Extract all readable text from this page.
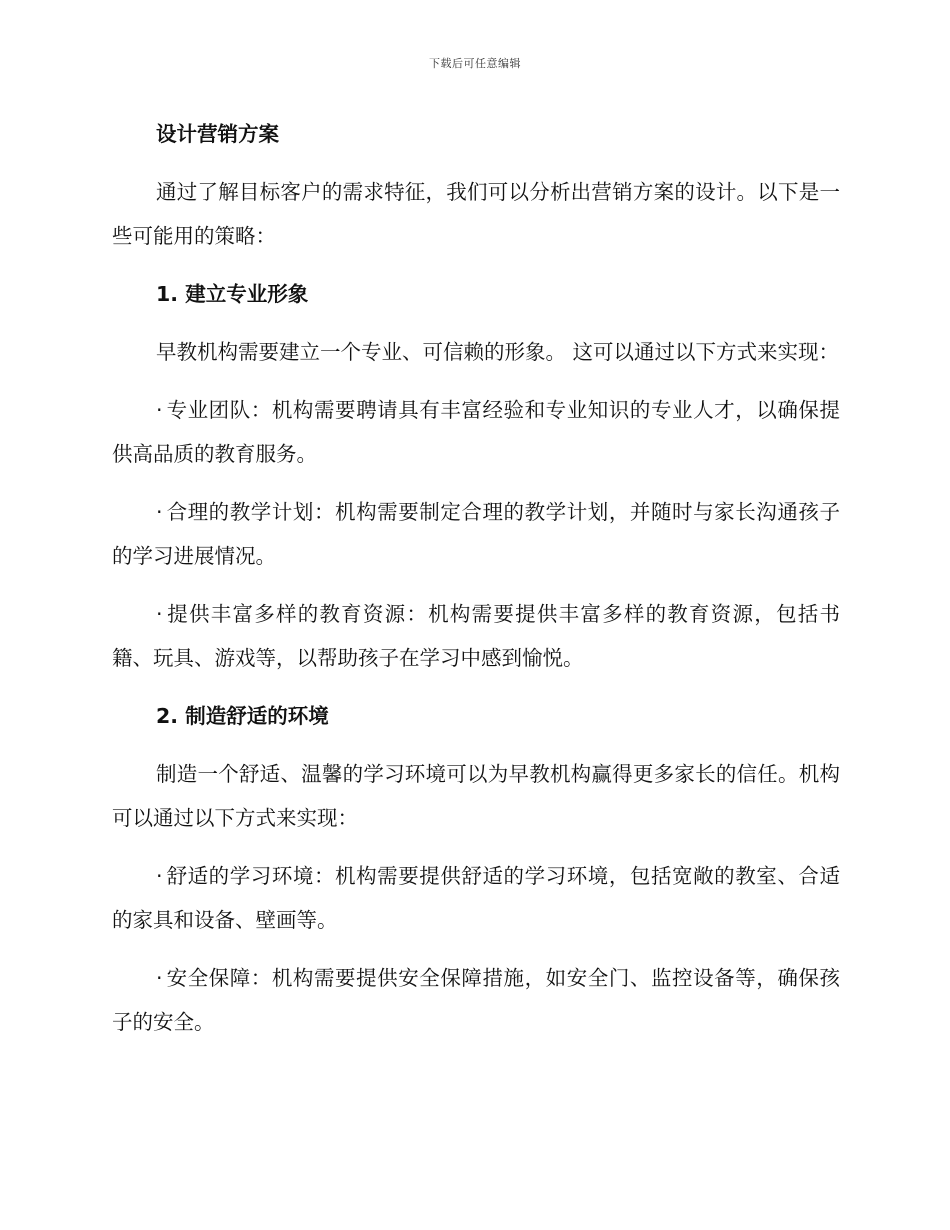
下载后可任意编辑
设计营销方案

通过了解目标客户的需求特征，我们可以分析出营销方案的设计。以下是一些可能用的策略：

1. 建立专业形象

早教机构需要建立一个专业、可信赖的形象。 这可以通过以下方式来实现：

· 专业团队：机构需要聘请具有丰富经验和专业知识的专业人才，以确保提供高品质的教育服务。

· 合理的教学计划：机构需要制定合理的教学计划，并随时与家长沟通孩子的学习进展情况。

· 提供丰富多样的教育资源：机构需要提供丰富多样的教育资源，包括书籍、玩具、游戏等，以帮助孩子在学习中感到愉悦。

2. 制造舒适的环境

制造一个舒适、温馨的学习环境可以为早教机构赢得更多家长的信任。机构可以通过以下方式来实现：

· 舒适的学习环境：机构需要提供舒适的学习环境，包括宽敞的教室、合适的家具和设备、壁画等。

· 安全保障：机构需要提供安全保障措施，如安全门、监控设备等，确保孩子的安全。
